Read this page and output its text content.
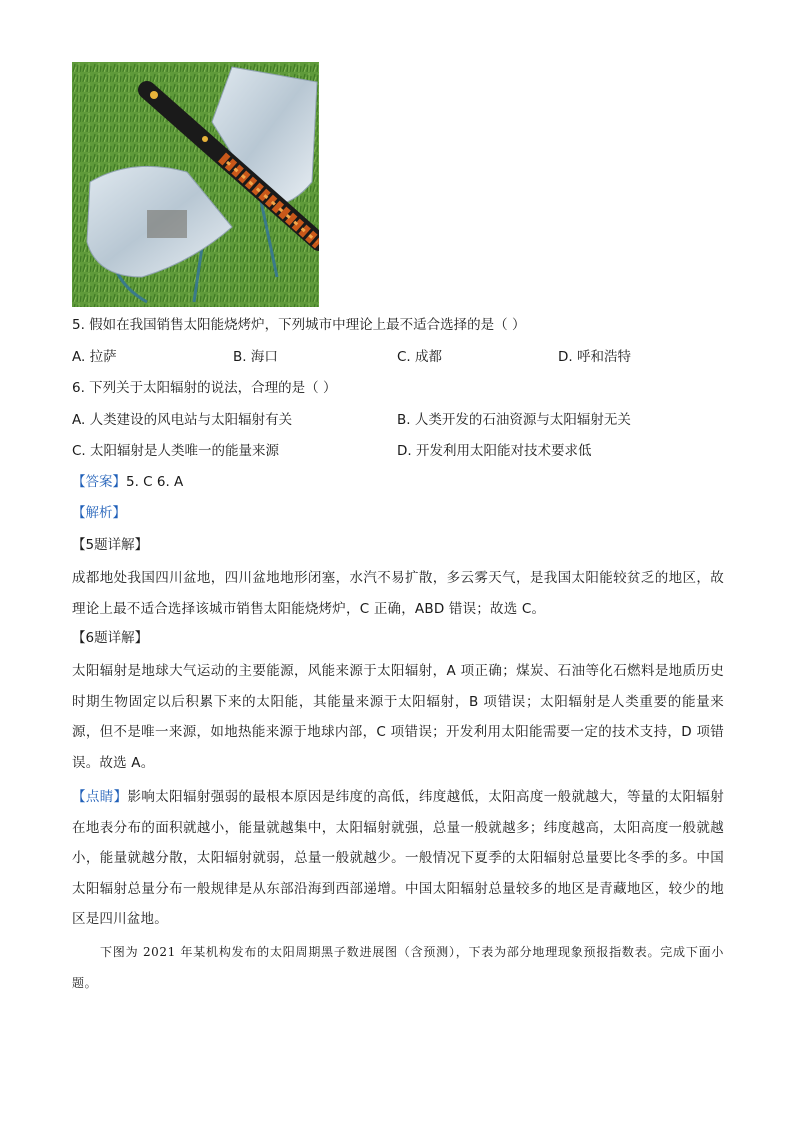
5. 假如在我国销售太阳能烧烤炉，下列城市中理论上最不适合选择的是（ ）
A. 拉萨	B. 海口	C. 成都	D. 呼和浩特
6. 下列关于太阳辐射的说法，合理的是（ ）
A. 人类建设的风电站与太阳辐射有关	B. 人类开发的石油资源与太阳辐射无关
C. 太阳辐射是人类唯一的能量来源	D. 开发利用太阳能对技术要求低
【答案】5. C 6. A
【解析】
【5题详解】
成都地处我国四川盆地，四川盆地地形闭塞，水汽不易扩散，多云雾天气，是我国太阳能较贫乏的地区，故理论上最不适合选择该城市销售太阳能烧烤炉，C 正确，ABD 错误；故选 C。
【6题详解】
太阳辐射是地球大气运动的主要能源，风能来源于太阳辐射，A 项正确；煤炭、石油等化石燃料是地质历史时期生物固定以后积累下来的太阳能，其能量来源于太阳辐射，B 项错误；太阳辐射是人类重要的能量来源，但不是唯一来源，如地热能来源于地球内部，C 项错误；开发利用太阳能需要一定的技术支持，D 项错误。故选 A。
【点睛】影响太阳辐射强弱的最根本原因是纬度的高低，纬度越低，太阳高度一般就越大，等量的太阳辐射在地表分布的面积就越小，能量就越集中，太阳辐射就强，总量一般就越多；纬度越高，太阳高度一般就越小，能量就越分散，太阳辐射就弱，总量一般就越少。一般情况下夏季的太阳辐射总量要比冬季的多。中国太阳辐射总量分布一般规律是从东部沿海到西部递增。中国太阳辐射总量较多的地区是青藏地区，较少的地区是四川盆地。
下图为 2021 年某机构发布的太阳周期黑子数进展图（含预测），下表为部分地理现象预报指数表。完成下面小题。
